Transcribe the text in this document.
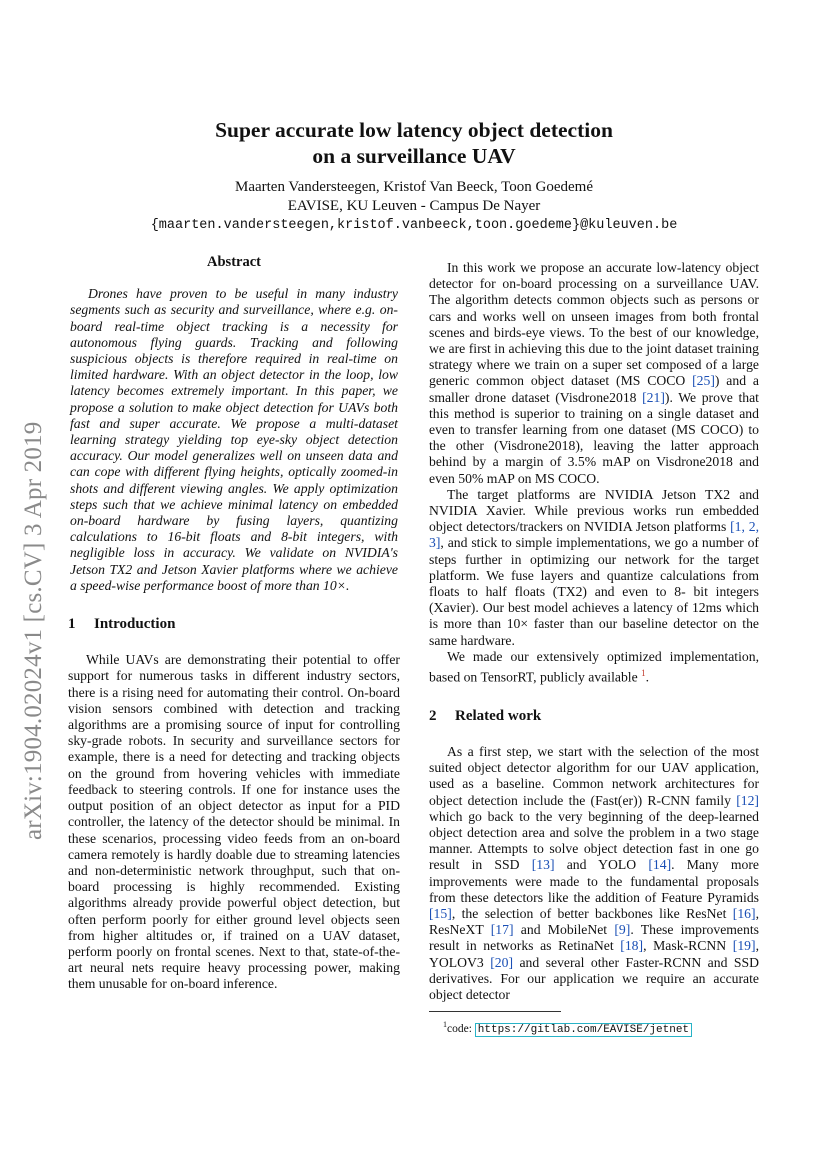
arXiv:1904.02024v1 [cs.CV] 3 Apr 2019
Super accurate low latency object detection
on a surveillance UAV
Maarten Vandersteegen, Kristof Van Beeck, Toon Goedemé
EAVISE, KU Leuven - Campus De Nayer
{maarten.vandersteegen,kristof.vanbeeck,toon.goedeme}@kuleuven.be
Abstract

Drones have proven to be useful in many industry segments such as security and surveillance, where e.g. on-board real-time object tracking is a necessity for autonomous flying guards. Tracking and following suspicious objects is therefore required in real-time on limited hardware. With an object detector in the loop, low latency becomes extremely important. In this paper, we propose a solution to make object detection for UAVs both fast and super accurate. We propose a multi-dataset learning strategy yielding top eye-sky object detection accuracy. Our model generalizes well on unseen data and can cope with different flying heights, optically zoomed-in shots and different viewing angles. We apply optimization steps such that we achieve minimal latency on embedded on-board hardware by fusing layers, quantizing calculations to 16-bit floats and 8-bit integers, with negligible loss in accuracy. We validate on NVIDIA's Jetson TX2 and Jetson Xavier platforms where we achieve a speed-wise performance boost of more than 10×.

1 Introduction

While UAVs are demonstrating their potential to offer support for numerous tasks in different industry sectors, there is a rising need for automating their control. On-board vision sensors combined with detection and tracking algorithms are a promising source of input for controlling sky-grade robots. In security and surveillance sectors for example, there is a need for detecting and tracking objects on the ground from hovering vehicles with immediate feedback to steering controls. If one for instance uses the output position of an object detector as input for a PID controller, the latency of the detector should be minimal. In these scenarios, processing video feeds from an on-board camera remotely is hardly doable due to streaming latencies and non-deterministic network throughput, such that on-board processing is highly recommended. Existing algorithms already provide powerful object detection, but often perform poorly for either ground level objects seen from higher altitudes or, if trained on a UAV dataset, perform poorly on frontal scenes. Next to that, state-of-the-art neural nets require heavy processing power, making them unusable for on-board inference.

In this work we propose an accurate low-latency object detector for on-board processing on a surveillance UAV. The algorithm detects common objects such as persons or cars and works well on unseen images from both frontal scenes and birds-eye views. To the best of our knowledge, we are first in achieving this due to the joint dataset training strategy where we train on a super set composed of a large generic common object dataset (MS COCO [25]) and a smaller drone dataset (Visdrone2018 [21]). We prove that this method is superior to training on a single dataset and even to transfer learning from one dataset (MS COCO) to the other (Visdrone2018), leaving the latter approach behind by a margin of 3.5% mAP on Visdrone2018 and even 50% mAP on MS COCO.

The target platforms are NVIDIA Jetson TX2 and NVIDIA Xavier. While previous works run embedded object detectors/trackers on NVIDIA Jetson platforms [1, 2, 3], and stick to simple implementations, we go a number of steps further in optimizing our network for the target platform. We fuse layers and quantize calculations from floats to half floats (TX2) and even to 8- bit integers (Xavier). Our best model achieves a latency of 12ms which is more than 10× faster than our baseline detector on the same hardware.

We made our extensively optimized implementation, based on TensorRT, publicly available $^1$.

2 Related work

As a first step, we start with the selection of the most suited object detector algorithm for our UAV application, used as a baseline. Common network architectures for object detection include the (Fast(er)) R-CNN family [12] which go back to the very beginning of the deep-learned object detection area and solve the problem in a two stage manner. Attempts to solve object detection fast in one go result in SSD [13] and YOLO [14]. Many more improvements were made to the fundamental proposals from these detectors like the addition of Feature Pyramids [15], the selection of better backbones like ResNet [16], ResNeXT [17] and MobileNet [9]. These improvements result in networks as RetinaNet [18], Mask-RCNN [19], YOLOV3 [20] and several other Faster-RCNN and SSD derivatives. For our application we require an accurate object detector

$^1$code: https://gitlab.com/EAVISE/jetnet
